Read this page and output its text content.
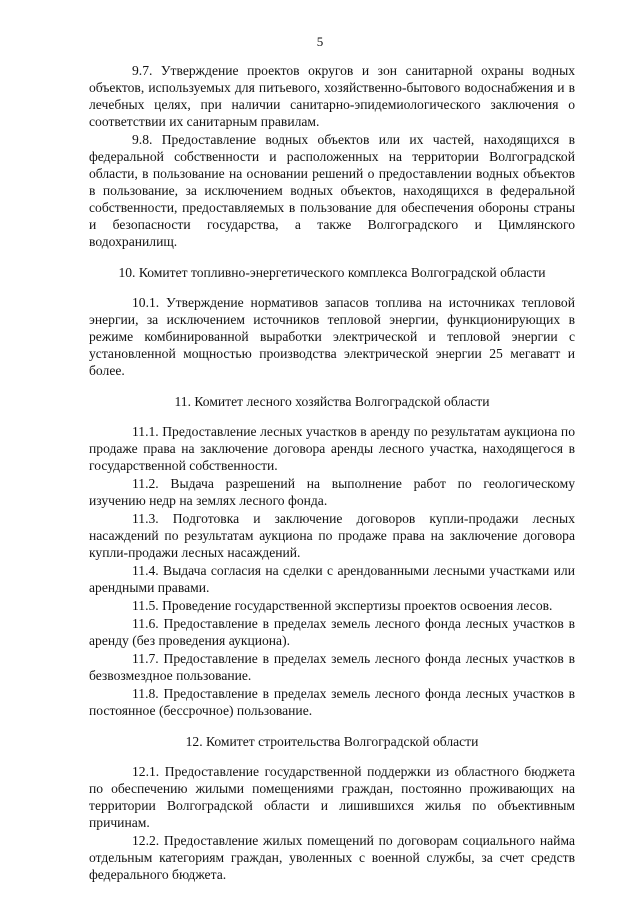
5

9.7. Утверждение проектов округов и зон санитарной охраны водных объектов, используемых для питьевого, хозяйственно-бытового водоснабжения и в лечебных целях, при наличии санитарно-эпидемиологического заключения о соответствии их санитарным правилам.

9.8. Предоставление водных объектов или их частей, находящихся в федеральной собственности и расположенных на территории Волгоградской области, в пользование на основании решений о предоставлении водных объектов в пользование, за исключением водных объектов, находящихся в федеральной собственности, предоставляемых в пользование для обеспечения обороны страны и безопасности государства, а также Волгоградского и Цимлянского водохранилищ.

10. Комитет топливно-энергетического комплекса Волгоградской области

10.1. Утверждение нормативов запасов топлива на источниках тепловой энергии, за исключением источников тепловой энергии, функционирующих в режиме комбинированной выработки электрической и тепловой энергии с установленной мощностью производства электрической энергии 25 мегаватт и более.

11. Комитет лесного хозяйства Волгоградской области

11.1. Предоставление лесных участков в аренду по результатам аукциона по продаже права на заключение договора аренды лесного участка, находящегося в государственной собственности.

11.2. Выдача разрешений на выполнение работ по геологическому изучению недр на землях лесного фонда.

11.3. Подготовка и заключение договоров купли-продажи лесных насаждений по результатам аукциона по продаже права на заключение договора купли-продажи лесных насаждений.

11.4. Выдача согласия на сделки с арендованными лесными участками или арендными правами.

11.5. Проведение государственной экспертизы проектов освоения лесов.

11.6. Предоставление в пределах земель лесного фонда лесных участков в аренду (без проведения аукциона).

11.7. Предоставление в пределах земель лесного фонда лесных участков в безвозмездное пользование.

11.8. Предоставление в пределах земель лесного фонда лесных участков в постоянное (бессрочное) пользование.

12. Комитет строительства Волгоградской области

12.1. Предоставление государственной поддержки из областного бюджета по обеспечению жилыми помещениями граждан, постоянно проживающих на территории Волгоградской области и лишившихся жилья по объективным причинам.

12.2. Предоставление жилых помещений по договорам социального найма отдельным категориям граждан, уволенных с военной службы, за счет средств федерального бюджета.
